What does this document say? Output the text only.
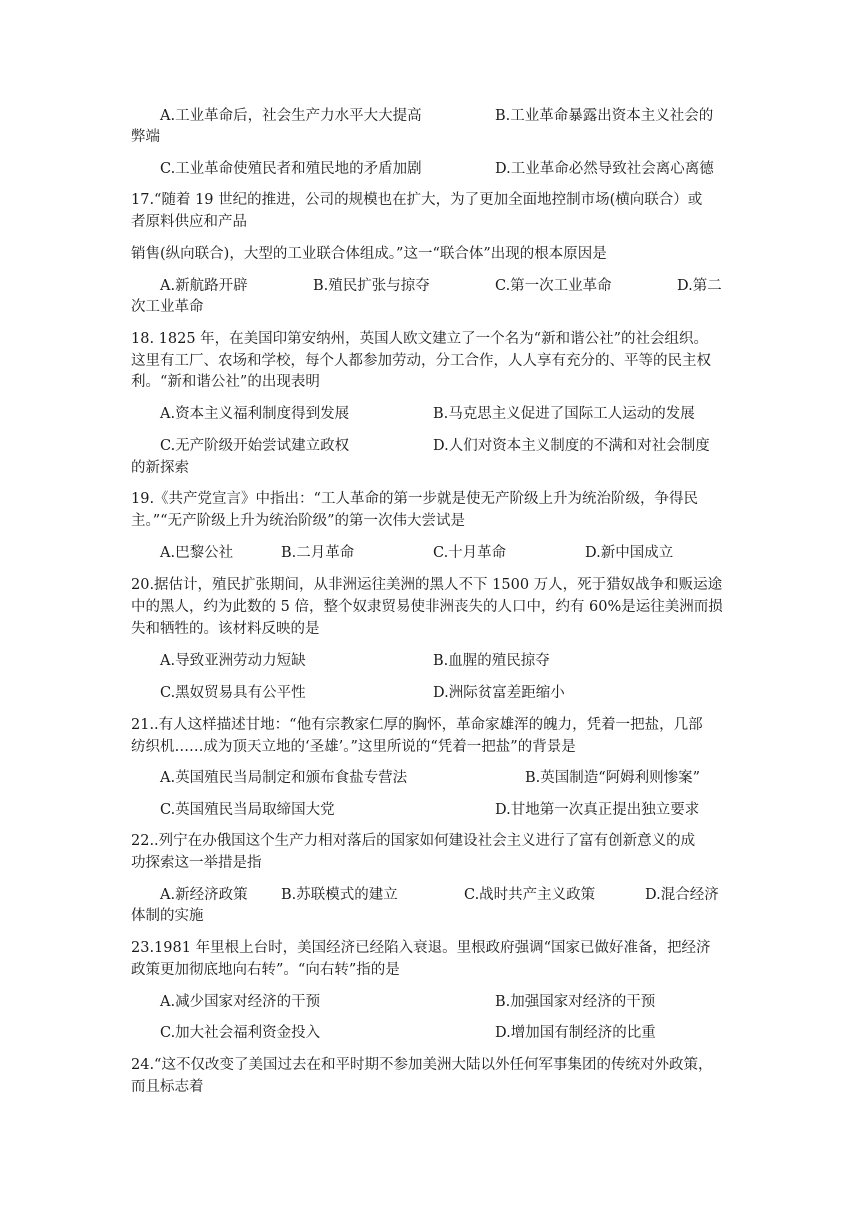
A.工业革命后，社会生产力水平大大提高	B.工业革命暴露出资本主义社会的
弊端
C.工业革命使殖民者和殖民地的矛盾加剧	D.工业革命必然导致社会离心离德
17.“随着 19 世纪的推进，公司的规模也在扩大，为了更加全面地控制市场(横向联合）或
者原料供应和产品
销售(纵向联合)，大型的工业联合体组成。”这一“联合体”出现的根本原因是
A.新航路开辟	B.殖民扩张与掠夺	C.第一次工业革命	D.第二
次工业革命
18. 1825 年，在美国印第安纳州，英国人欧文建立了一个名为“新和谐公社”的社会组织。
这里有工厂、农场和学校，每个人都参加劳动，分工合作，人人享有充分的、平等的民主权
利。“新和谐公社”的出现表明
A.资本主义福利制度得到发展	B.马克思主义促进了国际工人运动的发展
C.无产阶级开始尝试建立政权	D.人们对资本主义制度的不满和对社会制度
的新探索
19.《共产党宣言》中指出：“工人革命的第一步就是使无产阶级上升为统治阶级，争得民
主。”“无产阶级上升为统治阶级”的第一次伟大尝试是
A.巴黎公社	B.二月革命	C.十月革命	D.新中国成立
20.据估计，殖民扩张期间，从非洲运往美洲的黑人不下 1500 万人，死于猎奴战争和贩运途
中的黑人，约为此数的 5 倍，整个奴隶贸易使非洲丧失的人口中，约有 60%是运往美洲而损
失和牺牲的。该材料反映的是
A.导致亚洲劳动力短缺	B.血腥的殖民掠夺
C.黑奴贸易具有公平性	D.洲际贫富差距缩小
21..有人这样描述甘地：“他有宗教家仁厚的胸怀，革命家雄浑的魄力，凭着一把盐，几部
纺织机……成为顶天立地的‘圣雄’。”这里所说的“凭着一把盐”的背景是
A.英国殖民当局制定和颁布食盐专营法	B.英国制造“阿姆利则惨案”
C.英国殖民当局取缔国大党	D.甘地第一次真正提出独立要求
22..列宁在办俄国这个生产力相对落后的国家如何建设社会主义进行了富有创新意义的成
功探索这一举措是指
A.新经济政策 B.苏联模式的建立	C.战时共产主义政策	D.混合经济
体制的实施
23.1981 年里根上台时，美国经济已经陷入衰退。里根政府强调“国家已做好准备，把经济
政策更加彻底地向右转”。“向右转”指的是
A.减少国家对经济的干预	B.加强国家对经济的干预
C.加大社会福利资金投入	D.增加国有制经济的比重
24.“这不仅改变了美国过去在和平时期不参加美洲大陆以外任何军事集团的传统对外政策，
而且标志着
